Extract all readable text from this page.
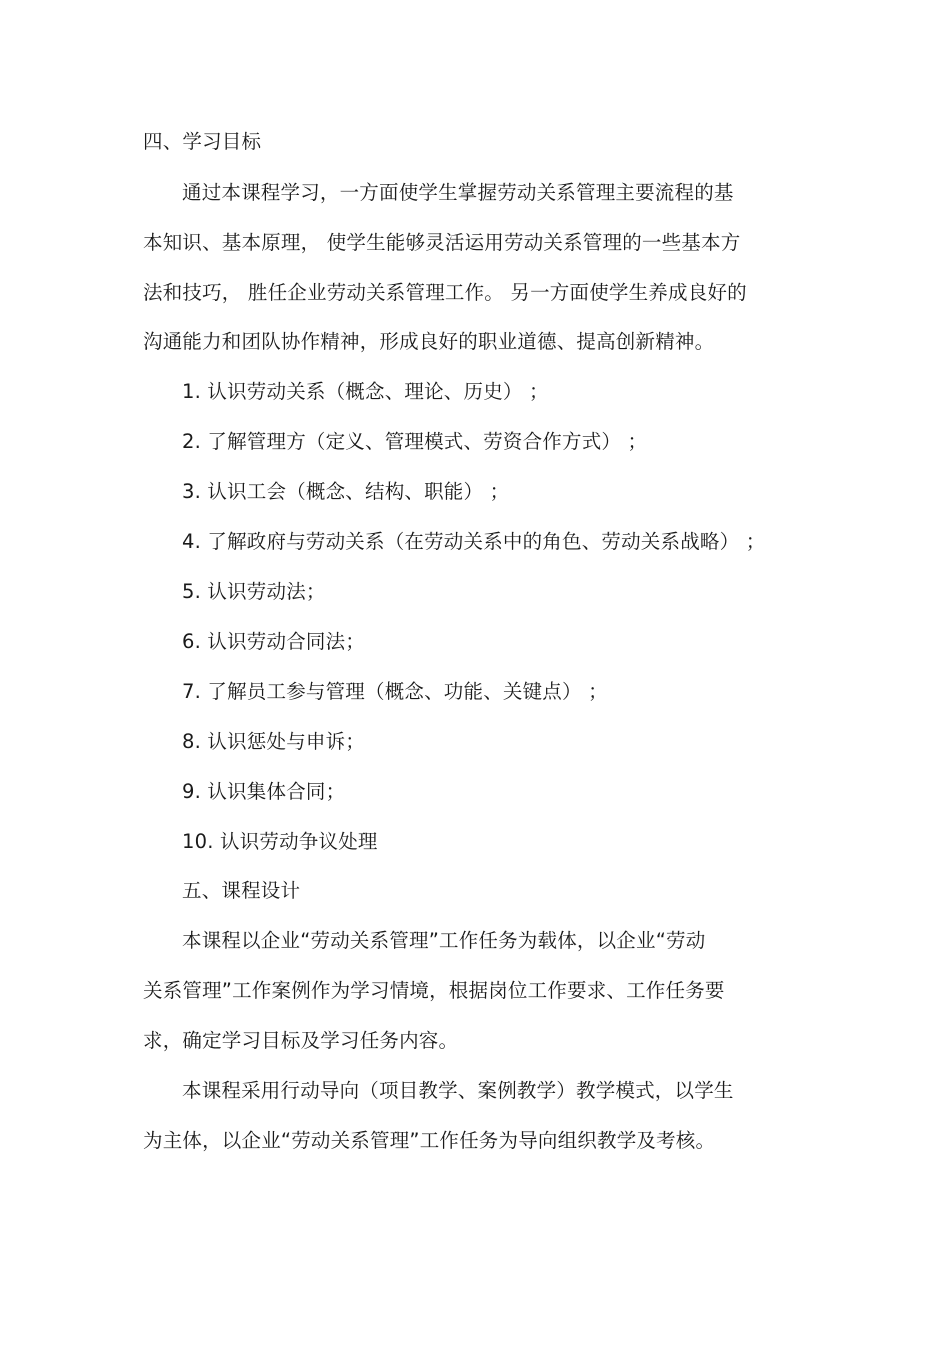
四、学习目标

通过本课程学习，一方面使学生掌握劳动关系管理主要流程的基

本知识、基本原理， 使学生能够灵活运用劳动关系管理的一些基本方

法和技巧， 胜任企业劳动关系管理工作。 另一方面使学生养成良好的

沟通能力和团队协作精神，形成良好的职业道德、提高创新精神。

1. 认识劳动关系（概念、理论、历史） ；

2. 了解管理方（定义、管理模式、劳资合作方式） ；

3. 认识工会（概念、结构、职能） ；

4. 了解政府与劳动关系（在劳动关系中的角色、劳动关系战略） ；

5. 认识劳动法；

6. 认识劳动合同法；

7. 了解员工参与管理（概念、功能、关键点） ；

8. 认识惩处与申诉；

9. 认识集体合同；

10. 认识劳动争议处理

五、课程设计

本课程以企业“劳动关系管理”工作任务为载体，以企业“劳动

关系管理”工作案例作为学习情境，根据岗位工作要求、工作任务要

求，确定学习目标及学习任务内容。

本课程采用行动导向（项目教学、案例教学）教学模式，以学生

为主体，以企业“劳动关系管理”工作任务为导向组织教学及考核。
